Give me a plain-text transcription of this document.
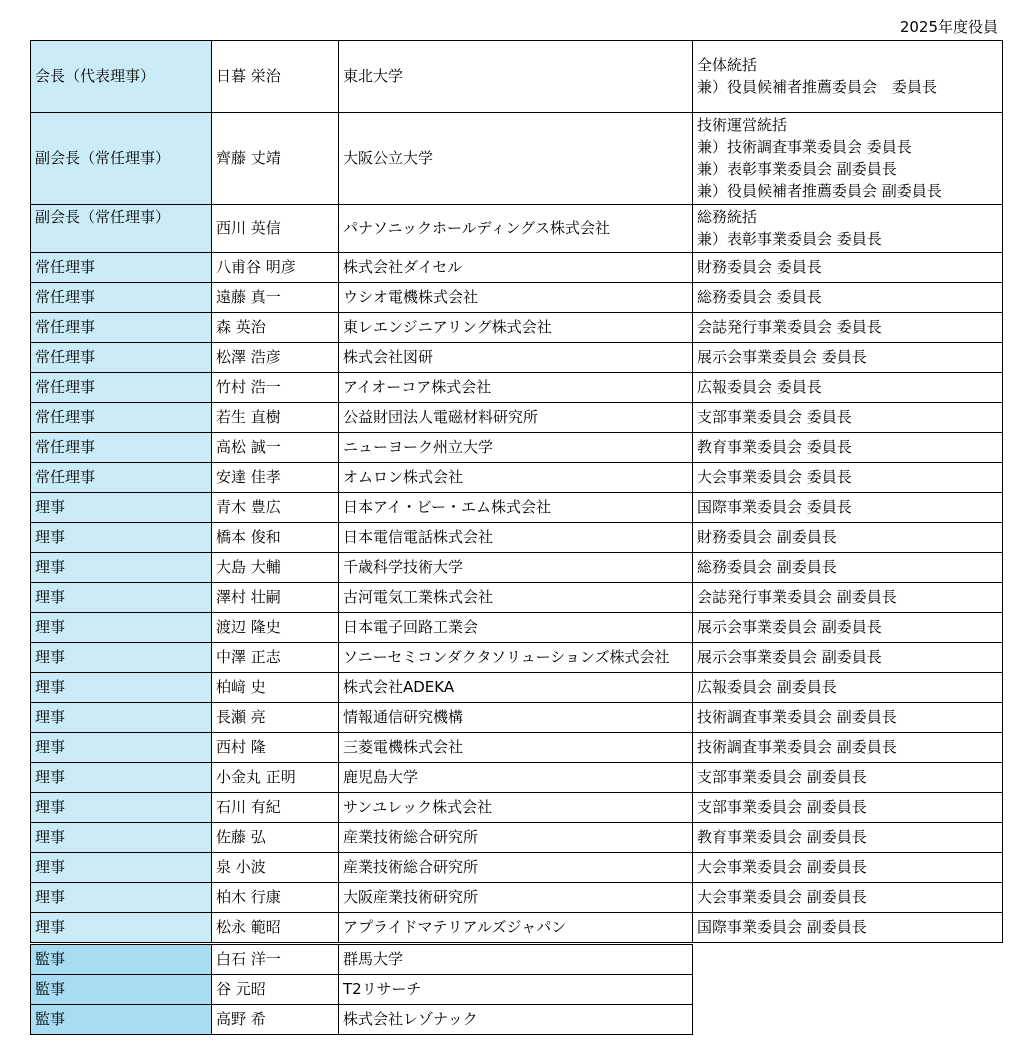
2025年度役員
会長（代表理事）	日暮 栄治	東北大学	全体統括
兼）役員候補者推薦委員会　委員長

副会長（常任理事）	齊藤 丈靖	大阪公立大学	技術運営統括
兼）技術調査事業委員会 委員長
兼）表彰事業委員会 副委員長
兼）役員候補者推薦委員会 副委員長

副会長（常任理事）	西川 英信	パナソニックホールディングス株式会社	総務統括
兼）表彰事業委員会 委員長

常任理事	八甫谷 明彦	株式会社ダイセル	財務委員会 委員長

常任理事	遠藤 真一	ウシオ電機株式会社	総務委員会 委員長

常任理事	森 英治	東レエンジニアリング株式会社	会誌発行事業委員会 委員長

常任理事	松澤 浩彦	株式会社図研	展示会事業委員会 委員長

常任理事	竹村 浩一	アイオーコア株式会社	広報委員会 委員長

常任理事	若生 直樹	公益財団法人電磁材料研究所	支部事業委員会 委員長

常任理事	高松 誠一	ニューヨーク州立大学	教育事業委員会 委員長

常任理事	安達 佳孝	オムロン株式会社	大会事業委員会 委員長

理事	青木 豊広	日本アイ・ビー・エム株式会社	国際事業委員会 委員長

理事	橋本 俊和	日本電信電話株式会社	財務委員会 副委員長

理事	大島 大輔	千歳科学技術大学	総務委員会 副委員長

理事	澤村 壮嗣	古河電気工業株式会社	会誌発行事業委員会 副委員長

理事	渡辺 隆史	日本電子回路工業会	展示会事業委員会 副委員長

理事	中澤 正志	ソニーセミコンダクタソリューションズ株式会社	展示会事業委員会 副委員長

理事	柏﨑 史	株式会社ADEKA	広報委員会 副委員長

理事	長瀬 亮	情報通信研究機構	技術調査事業委員会 副委員長

理事	西村 隆	三菱電機株式会社	技術調査事業委員会 副委員長

理事	小金丸 正明	鹿児島大学	支部事業委員会 副委員長

理事	石川 有紀	サンユレック株式会社	支部事業委員会 副委員長

理事	佐藤 弘	産業技術総合研究所	教育事業委員会 副委員長

理事	泉 小波	産業技術総合研究所	大会事業委員会 副委員長

理事	柏木 行康	大阪産業技術研究所	大会事業委員会 副委員長

理事	松永 範昭	アプライドマテリアルズジャパン	国際事業委員会 副委員長
監事	白石 洋一	群馬大学
監事	谷 元昭	T2リサーチ
監事	高野 希	株式会社レゾナック
